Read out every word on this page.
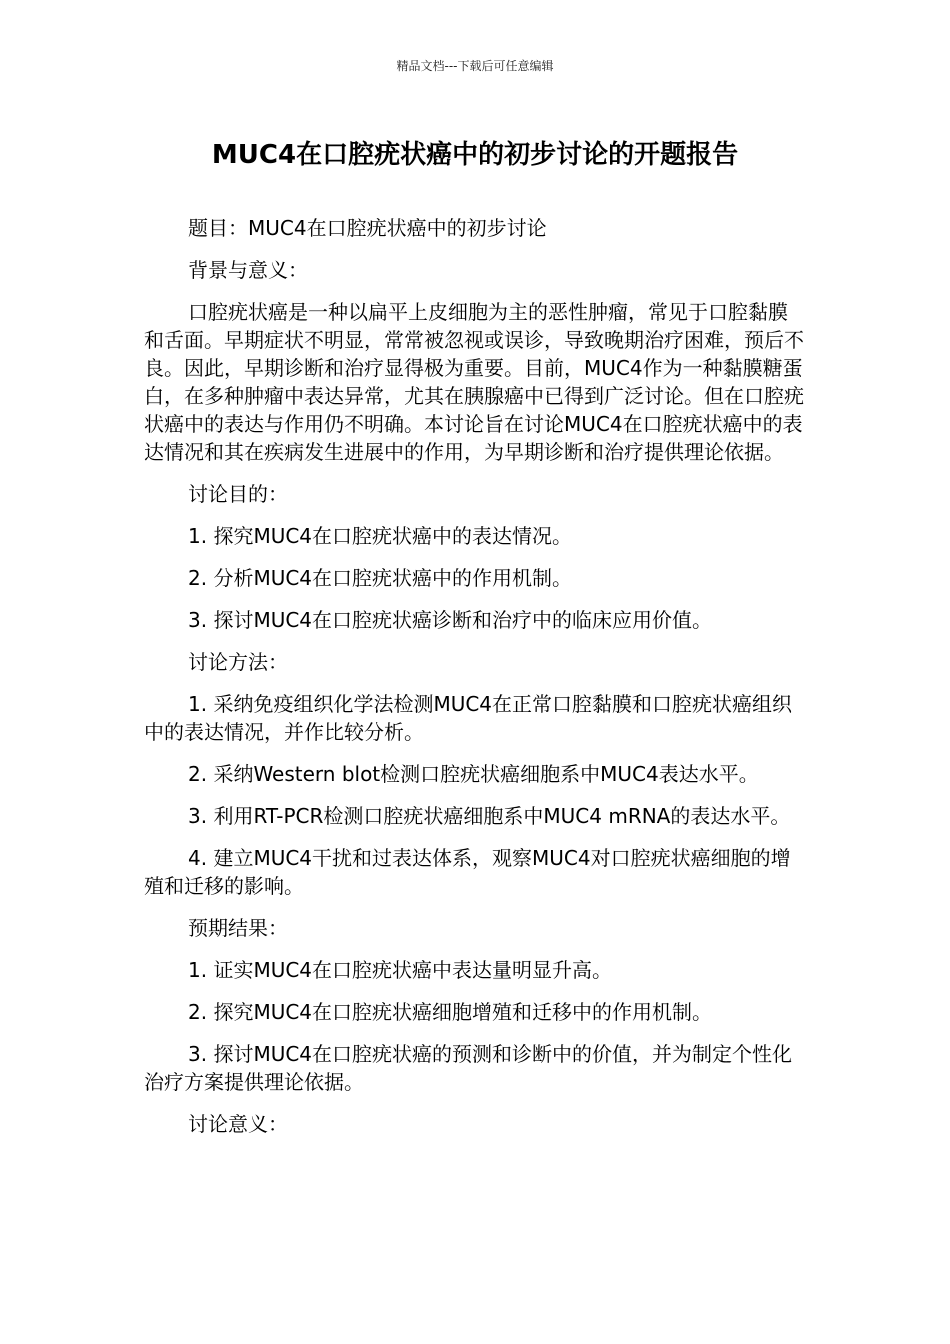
精品文档---下载后可任意编辑
MUC4在口腔疣状癌中的初步讨论的开题报告

题目：MUC4在口腔疣状癌中的初步讨论

背景与意义：

口腔疣状癌是一种以扁平上皮细胞为主的恶性肿瘤，常见于口腔黏膜和舌面。早期症状不明显，常常被忽视或误诊，导致晚期治疗困难，预后不良。因此，早期诊断和治疗显得极为重要。目前，MUC4作为一种黏膜糖蛋白，在多种肿瘤中表达异常，尤其在胰腺癌中已得到广泛讨论。但在口腔疣状癌中的表达与作用仍不明确。本讨论旨在讨论MUC4在口腔疣状癌中的表达情况和其在疾病发生进展中的作用，为早期诊断和治疗提供理论依据。

讨论目的：

1. 探究MUC4在口腔疣状癌中的表达情况。

2. 分析MUC4在口腔疣状癌中的作用机制。

3. 探讨MUC4在口腔疣状癌诊断和治疗中的临床应用价值。

讨论方法：

1. 采纳免疫组织化学法检测MUC4在正常口腔黏膜和口腔疣状癌组织中的表达情况，并作比较分析。

2. 采纳Western blot检测口腔疣状癌细胞系中MUC4表达水平。

3. 利用RT-PCR检测口腔疣状癌细胞系中MUC4 mRNA的表达水平。

4. 建立MUC4干扰和过表达体系，观察MUC4对口腔疣状癌细胞的增殖和迁移的影响。

预期结果：

1. 证实MUC4在口腔疣状癌中表达量明显升高。

2. 探究MUC4在口腔疣状癌细胞增殖和迁移中的作用机制。

3. 探讨MUC4在口腔疣状癌的预测和诊断中的价值，并为制定个性化治疗方案提供理论依据。

讨论意义：
